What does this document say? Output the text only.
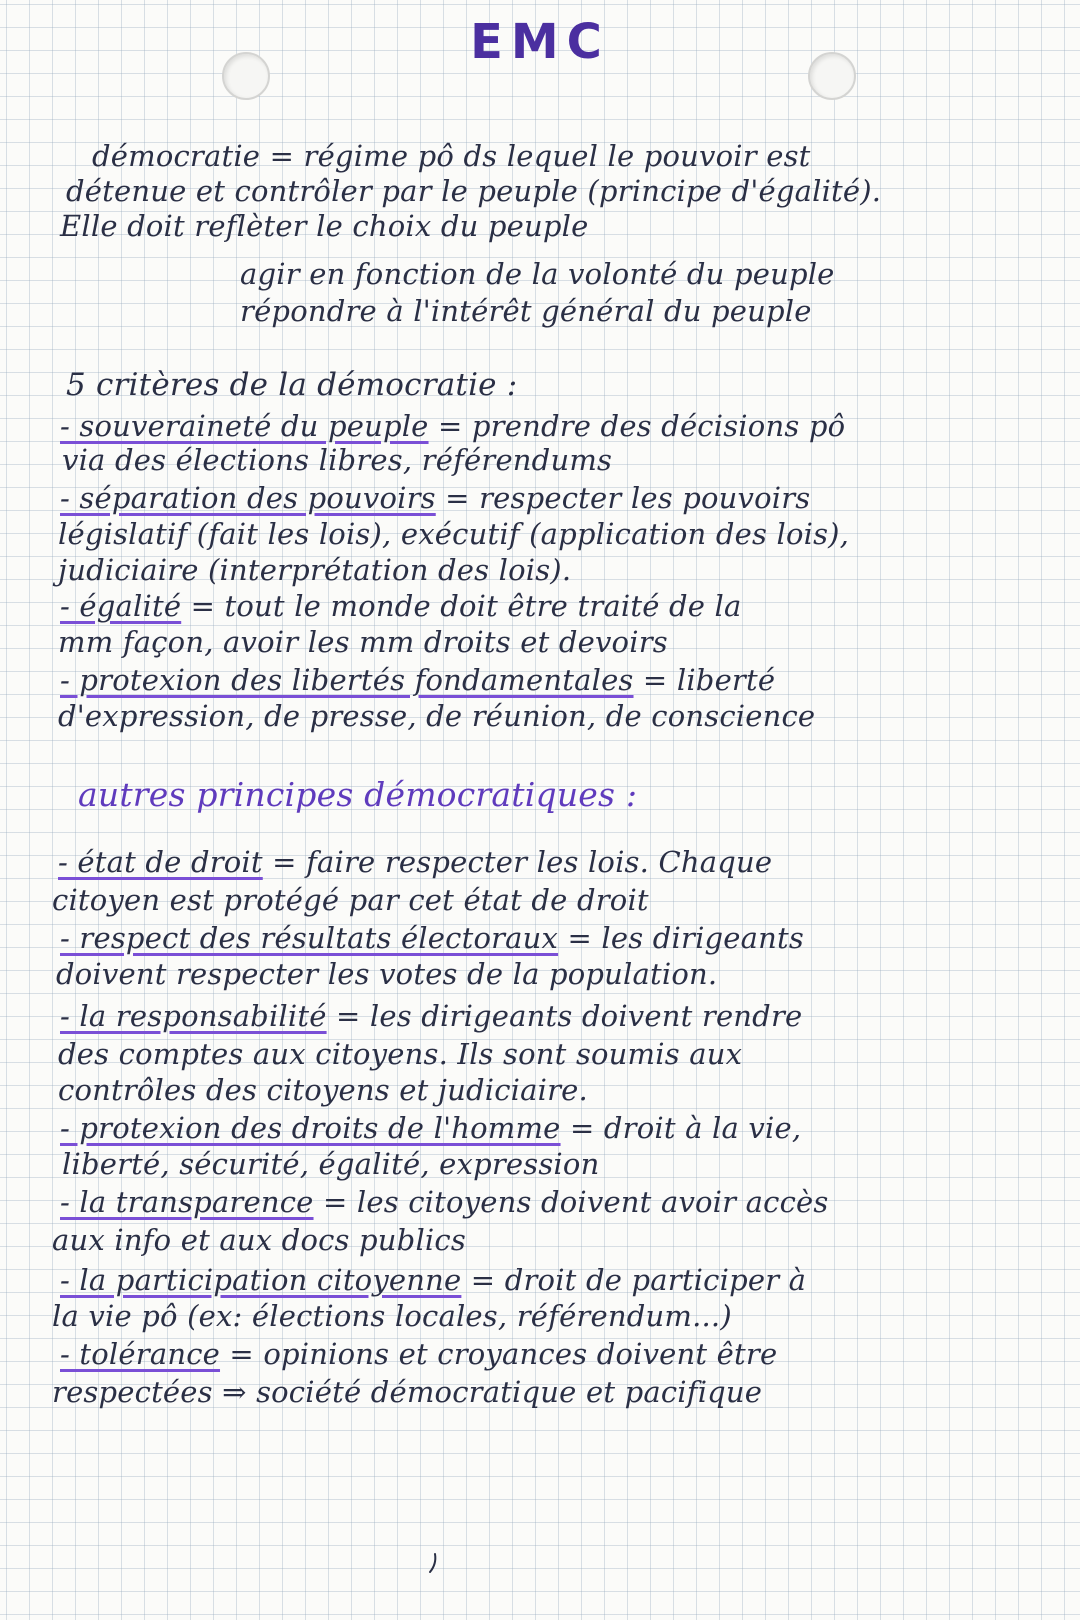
EMC
démocratie = régime pô ds lequel le pouvoir est
détenue et contrôler par le peuple (principe d'égalité).
Elle doit reflèter le choix du peuple
agir en fonction de la volonté du peuple
répondre à l'intérêt général du peuple
5 critères de la démocratie :
- souveraineté du peuple = prendre des décisions pô
via des élections libres, référendums
- séparation des pouvoirs = respecter les pouvoirs
législatif (fait les lois), exécutif (application des lois),
judiciaire (interprétation des lois).
- égalité = tout le monde doit être traité de la
mm façon, avoir les mm droits et devoirs
- protexion des libertés fondamentales = liberté
d'expression, de presse, de réunion, de conscience
autres principes démocratiques :
- état de droit = faire respecter les lois. Chaque
citoyen est protégé par cet état de droit
- respect des résultats électoraux = les dirigeants
doivent respecter les votes de la population.
- la responsabilité = les dirigeants doivent rendre
des comptes aux citoyens. Ils sont soumis aux
contrôles des citoyens et judiciaire.
- protexion des droits de l'homme = droit à la vie,
liberté, sécurité, égalité, expression
- la transparence = les citoyens doivent avoir accès
aux info et aux docs publics
- la participation citoyenne = droit de participer à
la vie pô (ex: élections locales, référendum...)
- tolérance = opinions et croyances doivent être
respectées ⇒ société démocratique et pacifique
